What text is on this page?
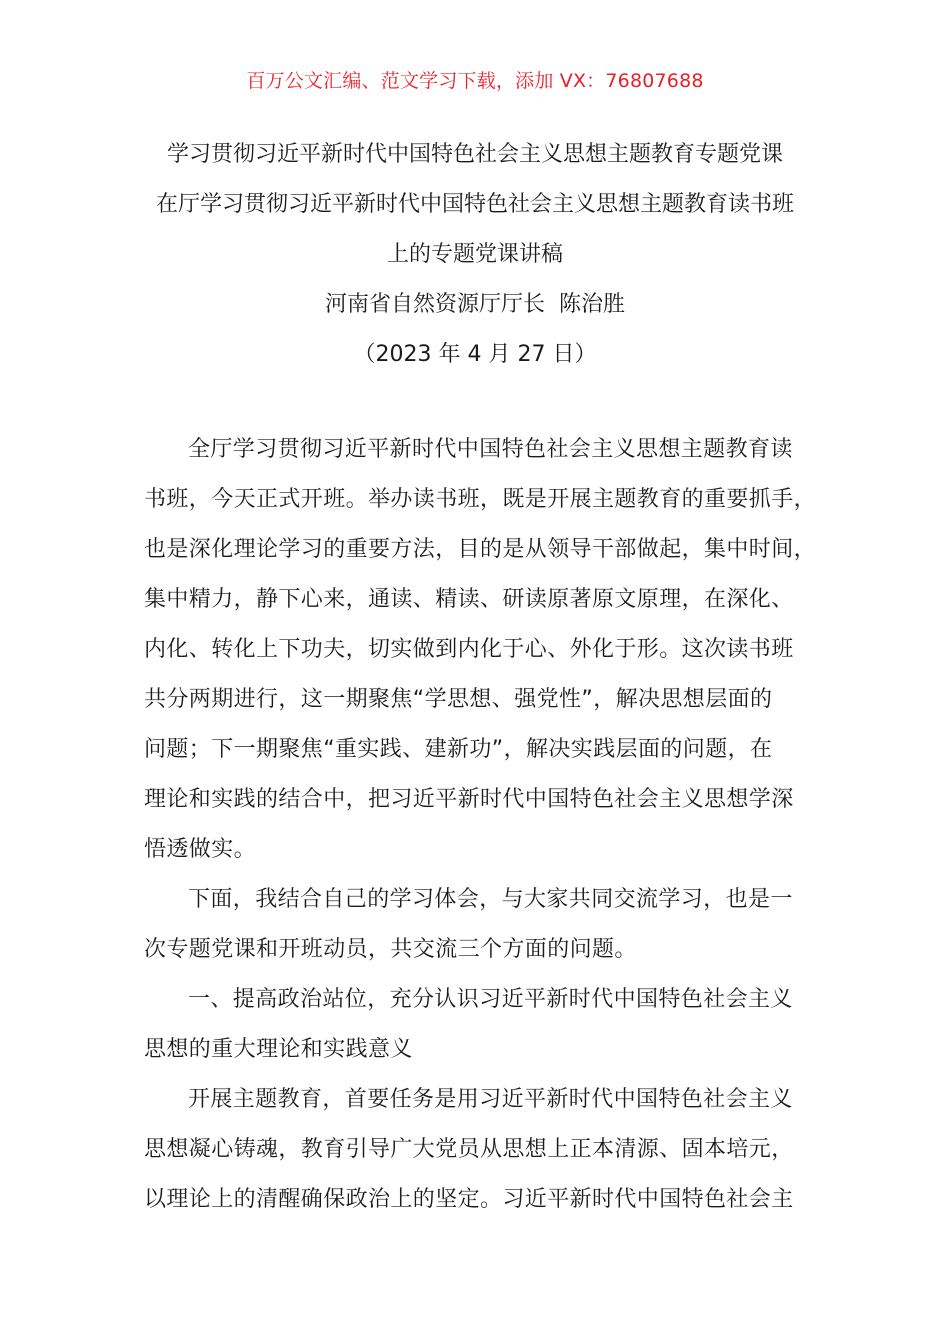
百万公文汇编、范文学习下载，添加 VX：76807688
学习贯彻习近平新时代中国特色社会主义思想主题教育专题党课
在厅学习贯彻习近平新时代中国特色社会主义思想主题教育读书班
上的专题党课讲稿
河南省自然资源厅厅长  陈治胜
（2023 年 4 月 27 日）
全厅学习贯彻习近平新时代中国特色社会主义思想主题教育读
书班，今天正式开班。举办读书班，既是开展主题教育的重要抓手，
也是深化理论学习的重要方法，目的是从领导干部做起，集中时间，
集中精力，静下心来，通读、精读、研读原著原文原理，在深化、
内化、转化上下功夫，切实做到内化于心、外化于形。这次读书班
共分两期进行，这一期聚焦“学思想、强党性”，解决思想层面的
问题；下一期聚焦“重实践、建新功”，解决实践层面的问题，在
理论和实践的结合中，把习近平新时代中国特色社会主义思想学深
悟透做实。
下面，我结合自己的学习体会，与大家共同交流学习，也是一
次专题党课和开班动员，共交流三个方面的问题。
一、提高政治站位，充分认识习近平新时代中国特色社会主义
思想的重大理论和实践意义
开展主题教育，首要任务是用习近平新时代中国特色社会主义
思想凝心铸魂，教育引导广大党员从思想上正本清源、固本培元，
以理论上的清醒确保政治上的坚定。习近平新时代中国特色社会主
